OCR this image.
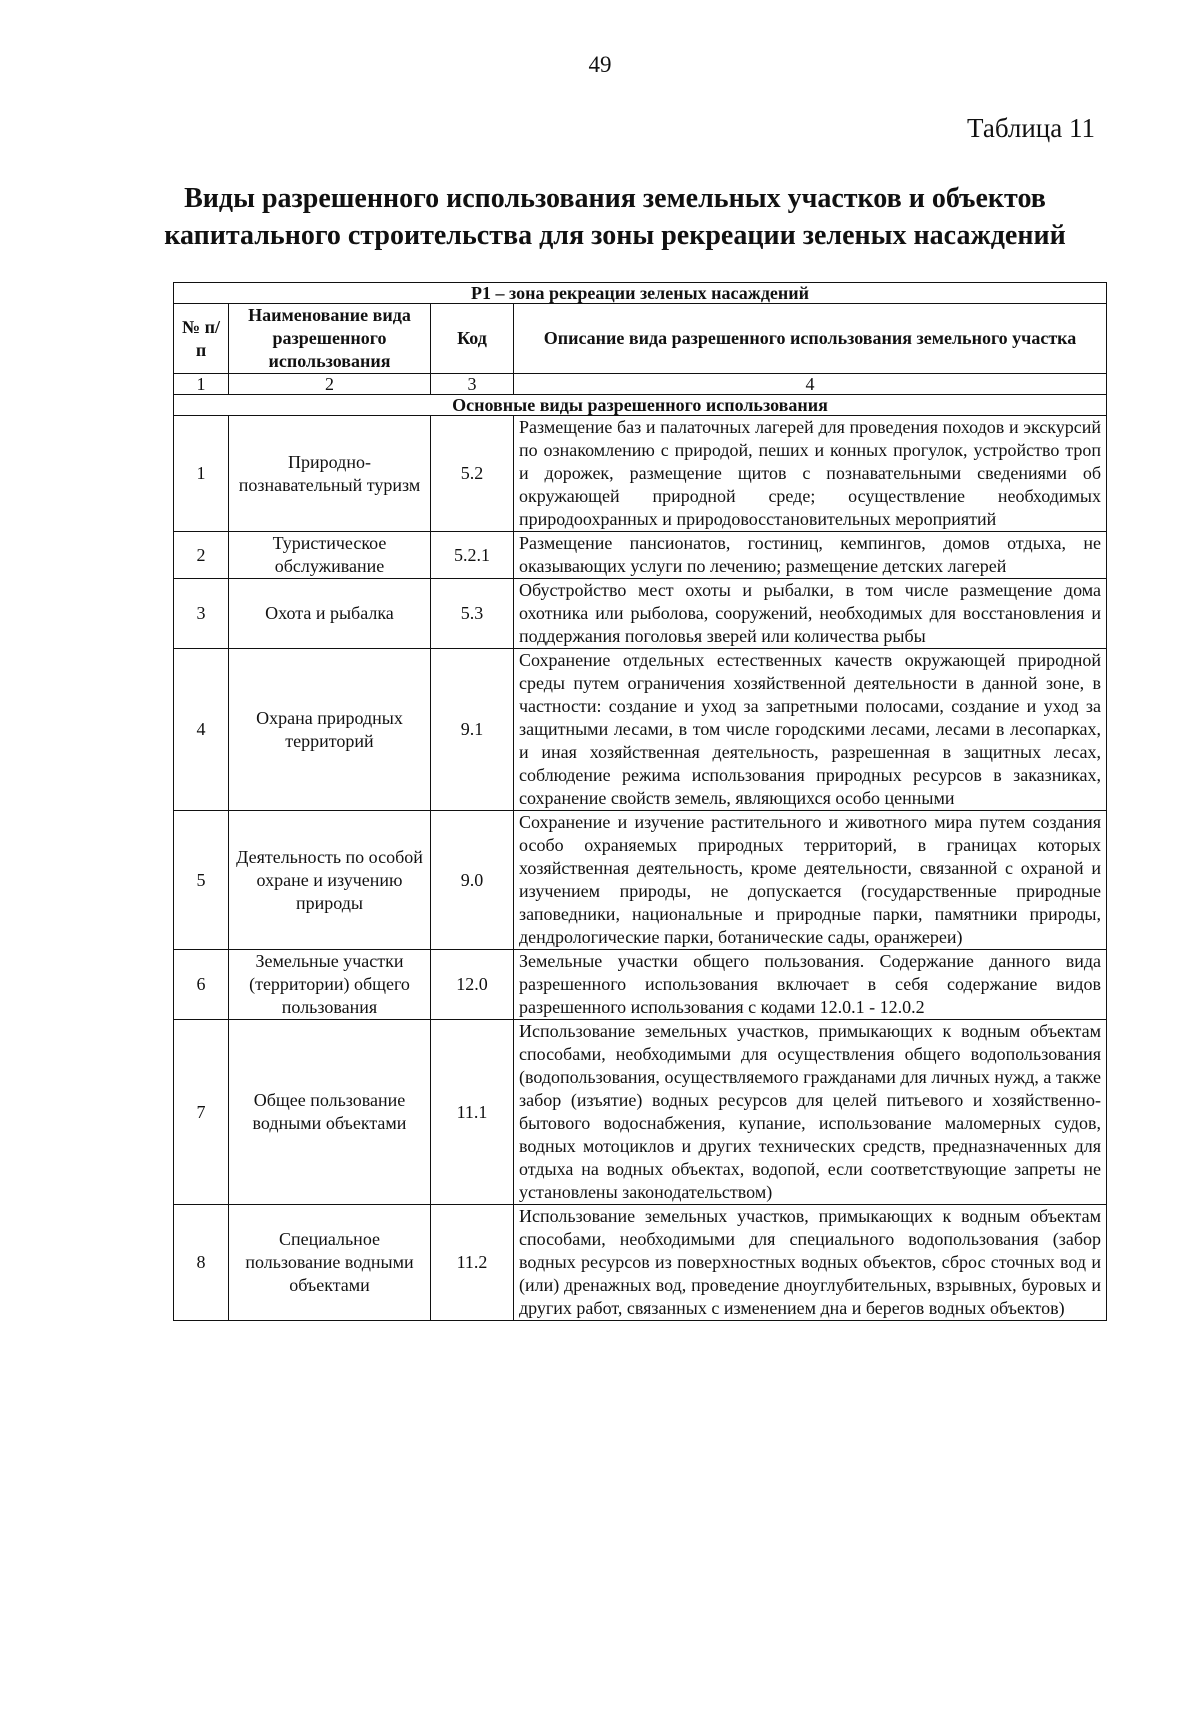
49
Таблица 11
Виды разрешенного использования земельных участков и объектов
капитального строительства для зоны рекреации зеленых насаждений
Р1 – зона рекреации зеленых насаждений			
№ п/п	Наименование вида разрешенного использования	Код	Описание вида разрешенного использования земельного участка
1	2	3	4
Основные виды разрешенного использования			
1	Природно-познавательный туризм	5.2	Размещение баз и палаточных лагерей для проведения походов и экскурсий по ознакомлению с природой, пеших и конных прогулок, устройство троп и дорожек, размещение щитов с познавательными сведениями об окружающей природной среде; осуществление необходимых природоохранных и природовосстановительных мероприятий
2	Туристическое обслуживание	5.2.1	Размещение пансионатов, гостиниц, кемпингов, домов отдыха, не оказывающих услуги по лечению; размещение детских лагерей
3	Охота и рыбалка	5.3	Обустройство мест охоты и рыбалки, в том числе размещение дома охотника или рыболова, сооружений, необходимых для восстановления и поддержания поголовья зверей или количества рыбы
4	Охрана природных территорий	9.1	Сохранение отдельных естественных качеств окружающей природной среды путем ограничения хозяйственной деятельности в данной зоне, в частности: создание и уход за запретными полосами, создание и уход за защитными лесами, в том числе городскими лесами, лесами в лесопарках, и иная хозяйственная деятельность, разрешенная в защитных лесах, соблюдение режима использования природных ресурсов в заказниках, сохранение свойств земель, являющихся особо ценными
5	Деятельность по особой охране и изучению природы	9.0	Сохранение и изучение растительного и животного мира путем создания особо охраняемых природных территорий, в границах которых хозяйственная деятельность, кроме деятельности, связанной с охраной и изучением природы, не допускается (государственные природные заповедники, национальные и природные парки, памятники природы, дендрологические парки, ботанические сады, оранжереи)
6	Земельные участки (территории) общего пользования	12.0	Земельные участки общего пользования. Содержание данного вида разрешенного использования включает в себя содержание видов разрешенного использования с кодами 12.0.1 - 12.0.2
7	Общее пользование водными объектами	11.1	Использование земельных участков, примыкающих к водным объектам способами, необходимыми для осуществления общего водопользования (водопользования, осуществляемого гражданами для личных нужд, а также забор (изъятие) водных ресурсов для целей питьевого и хозяйственно-бытового водоснабжения, купание, использование маломерных судов, водных мотоциклов и других технических средств, предназначенных для отдыха на водных объектах, водопой, если соответствующие запреты не установлены законодательством)
8	Специальное пользование водными объектами	11.2	Использование земельных участков, примыкающих к водным объектам способами, необходимыми для специального водопользования (забор водных ресурсов из поверхностных водных объектов, сброс сточных вод и (или) дренажных вод, проведение дноуглубительных, взрывных, буровых и других работ, связанных с изменением дна и берегов водных объектов)
